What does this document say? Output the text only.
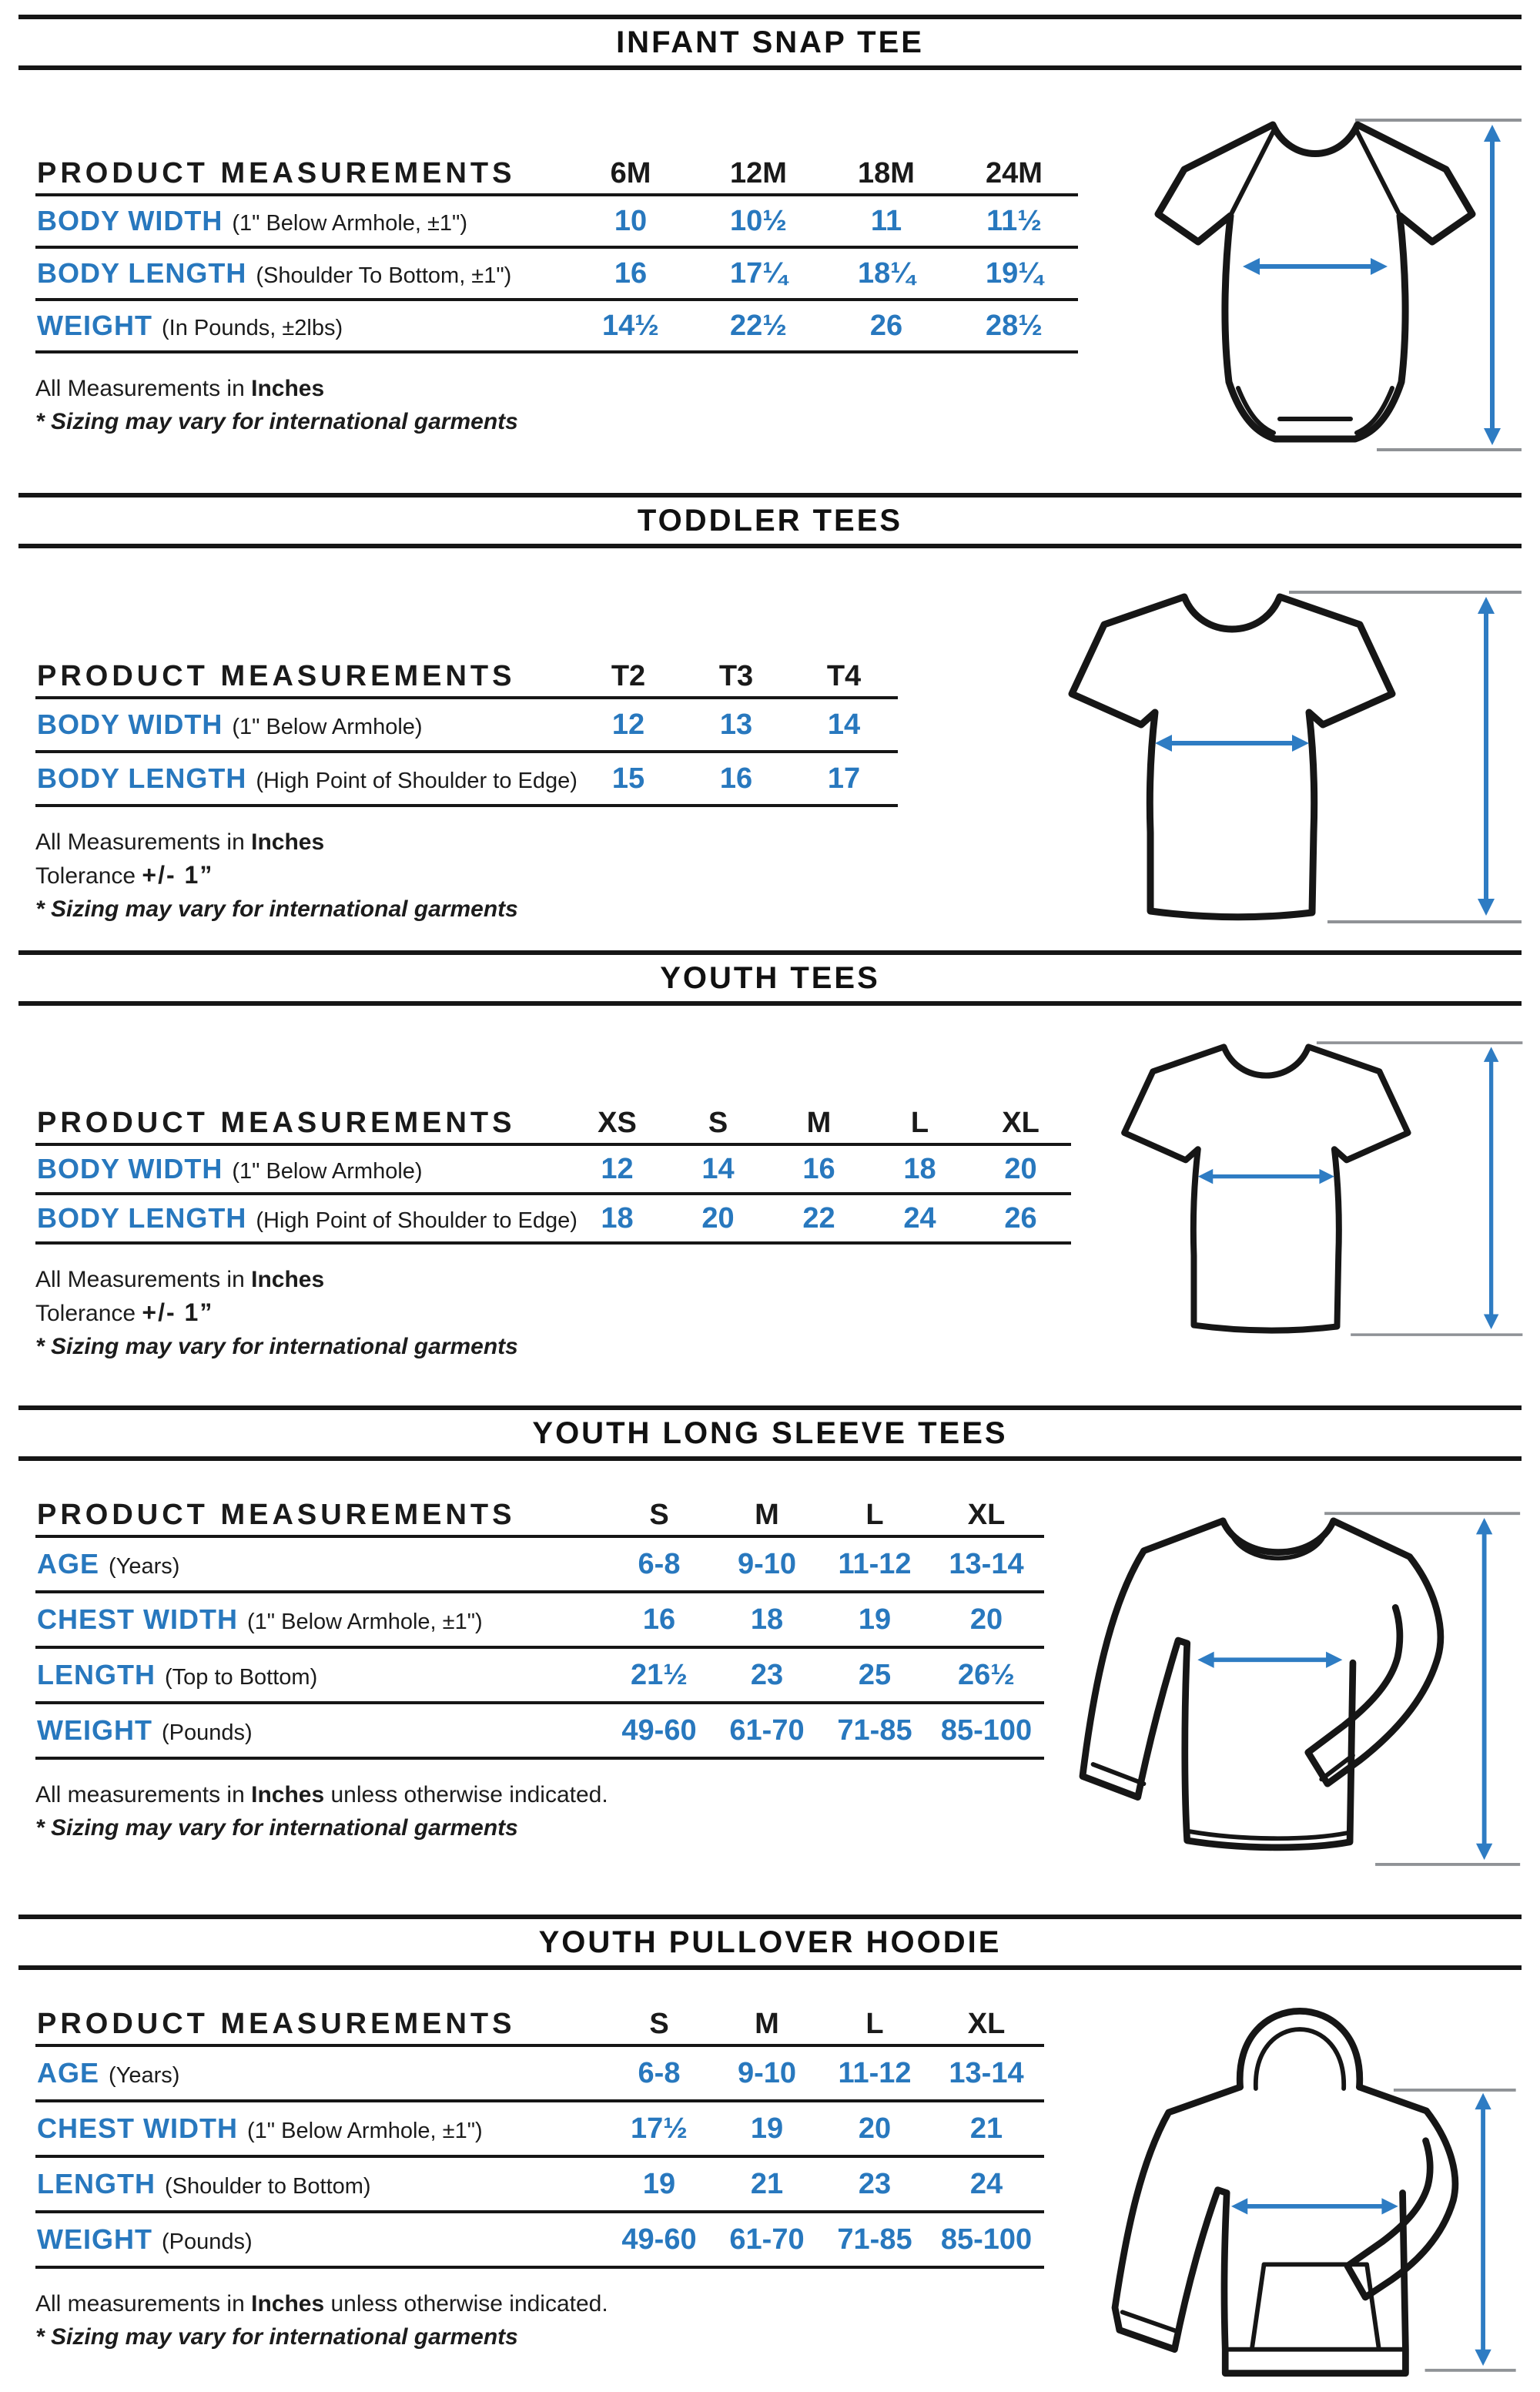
INFANT SNAP TEE
PRODUCT MEASUREMENTS	6M	12M	18M	24M
BODY WIDTH (1" Below Armhole, ±1")	10	10½	11	11½
BODY LENGTH (Shoulder To Bottom, ±1")	16	17¼	18¼	19¼
WEIGHT (In Pounds, ±2lbs)	14½	22½	26	28½

All Measurements in Inches

* Sizing may vary for international garments

TODDLER TEES
PRODUCT MEASUREMENTS	T2	T3	T4
BODY WIDTH (1" Below Armhole)	12	13	14
BODY LENGTH (High Point of Shoulder to Edge)	15	16	17

All Measurements in Inches

Tolerance +/- 1”

* Sizing may vary for international garments

YOUTH TEES
PRODUCT MEASUREMENTS	XS	S	M	L	XL
BODY WIDTH (1" Below Armhole)	12	14	16	18	20
BODY LENGTH (High Point of Shoulder to Edge) 18	20	22	24	26

All Measurements in Inches

Tolerance +/- 1”

* Sizing may vary for international garments

YOUTH LONG SLEEVE TEES
PRODUCT MEASUREMENTS	S	M	L	XL
AGE (Years)	6-8	9-10	11-12	13-14
CHEST WIDTH (1" Below Armhole, ±1")	16	18	19	20
LENGTH (Top to Bottom)	21½	23	25	26½
WEIGHT (Pounds)	49-60	61-70	71-85 85-100

All measurements in Inches unless otherwise indicated.

* Sizing may vary for international garments

YOUTH PULLOVER HOODIE
PRODUCT MEASUREMENTS	S	M	L	XL
AGE (Years)	6-8	9-10	11-12	13-14
CHEST WIDTH (1" Below Armhole, ±1")	17½	19	20	21
LENGTH (Shoulder to Bottom)	19	21	23	24
WEIGHT (Pounds)	49-60	61-70	71-85 85-100

All measurements in Inches unless otherwise indicated.

* Sizing may vary for international garments
